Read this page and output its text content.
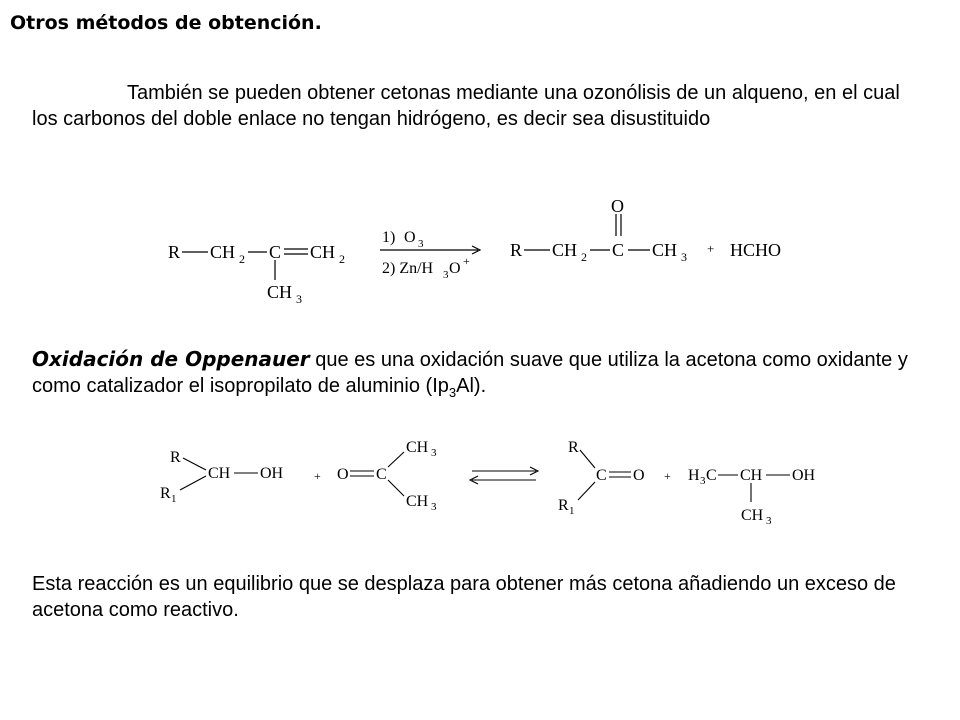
Otros métodos de obtención.
También se pueden obtener cetonas mediante una ozonólisis de un alqueno, en el cual los carbonos del doble enlace no tengan hidrógeno, es decir sea disustituido
R CH 2 C CH 2
CH 3
1) O 3
2) Zn/H 3 O +
R CH 2 C
O
CH 3
+ HCHO
Oxidación de Oppenauer que es una oxidación suave que utiliza la acetona como oxidante y como catalizador el isopropilato de aluminio $(Ip_3Al)$.
R
R 1
CH OH	+ O C
CH 3
CH 3
R
R 1
C O + H 3 C CH OH
CH 3
Esta reacción es un equilibrio que se desplaza para obtener más cetona añadiendo un exceso de acetona como reactivo.
